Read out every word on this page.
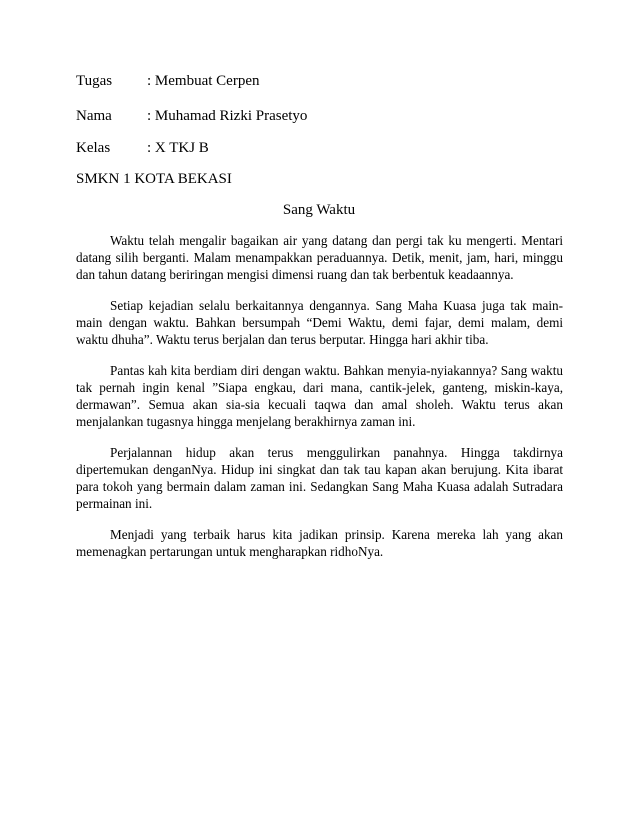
Tugas : Membuat Cerpen
Nama : Muhamad Rizki Prasetyo
Kelas : X TKJ B
SMKN 1 KOTA BEKASI
Sang Waktu

Waktu telah mengalir bagaikan air yang datang dan pergi tak ku mengerti. Mentari datang silih berganti. Malam menampakkan peraduannya. Detik, menit, jam, hari, minggu dan tahun datang beriringan mengisi dimensi ruang dan tak berbentuk keadaannya.

Setiap kejadian selalu berkaitannya dengannya. Sang Maha Kuasa juga tak main-main dengan waktu. Bahkan bersumpah “Demi Waktu, demi fajar, demi malam, demi waktu dhuha”. Waktu terus berjalan dan terus berputar. Hingga hari akhir tiba.

Pantas kah kita berdiam diri dengan waktu. Bahkan menyia-nyiakannya? Sang waktu tak pernah ingin kenal ”Siapa engkau, dari mana, cantik-jelek, ganteng, miskin-kaya, dermawan”. Semua akan sia-sia kecuali taqwa dan amal sholeh. Waktu terus akan menjalankan tugasnya hingga menjelang berakhirnya zaman ini.

Perjalannan hidup akan terus menggulirkan panahnya. Hingga takdirnya dipertemukan denganNya. Hidup ini singkat dan tak tau kapan akan berujung. Kita ibarat para tokoh yang bermain dalam zaman ini. Sedangkan Sang Maha Kuasa adalah Sutradara permainan ini.

Menjadi yang terbaik harus kita jadikan prinsip. Karena mereka lah yang akan memenagkan pertarungan untuk mengharapkan ridhoNya.
